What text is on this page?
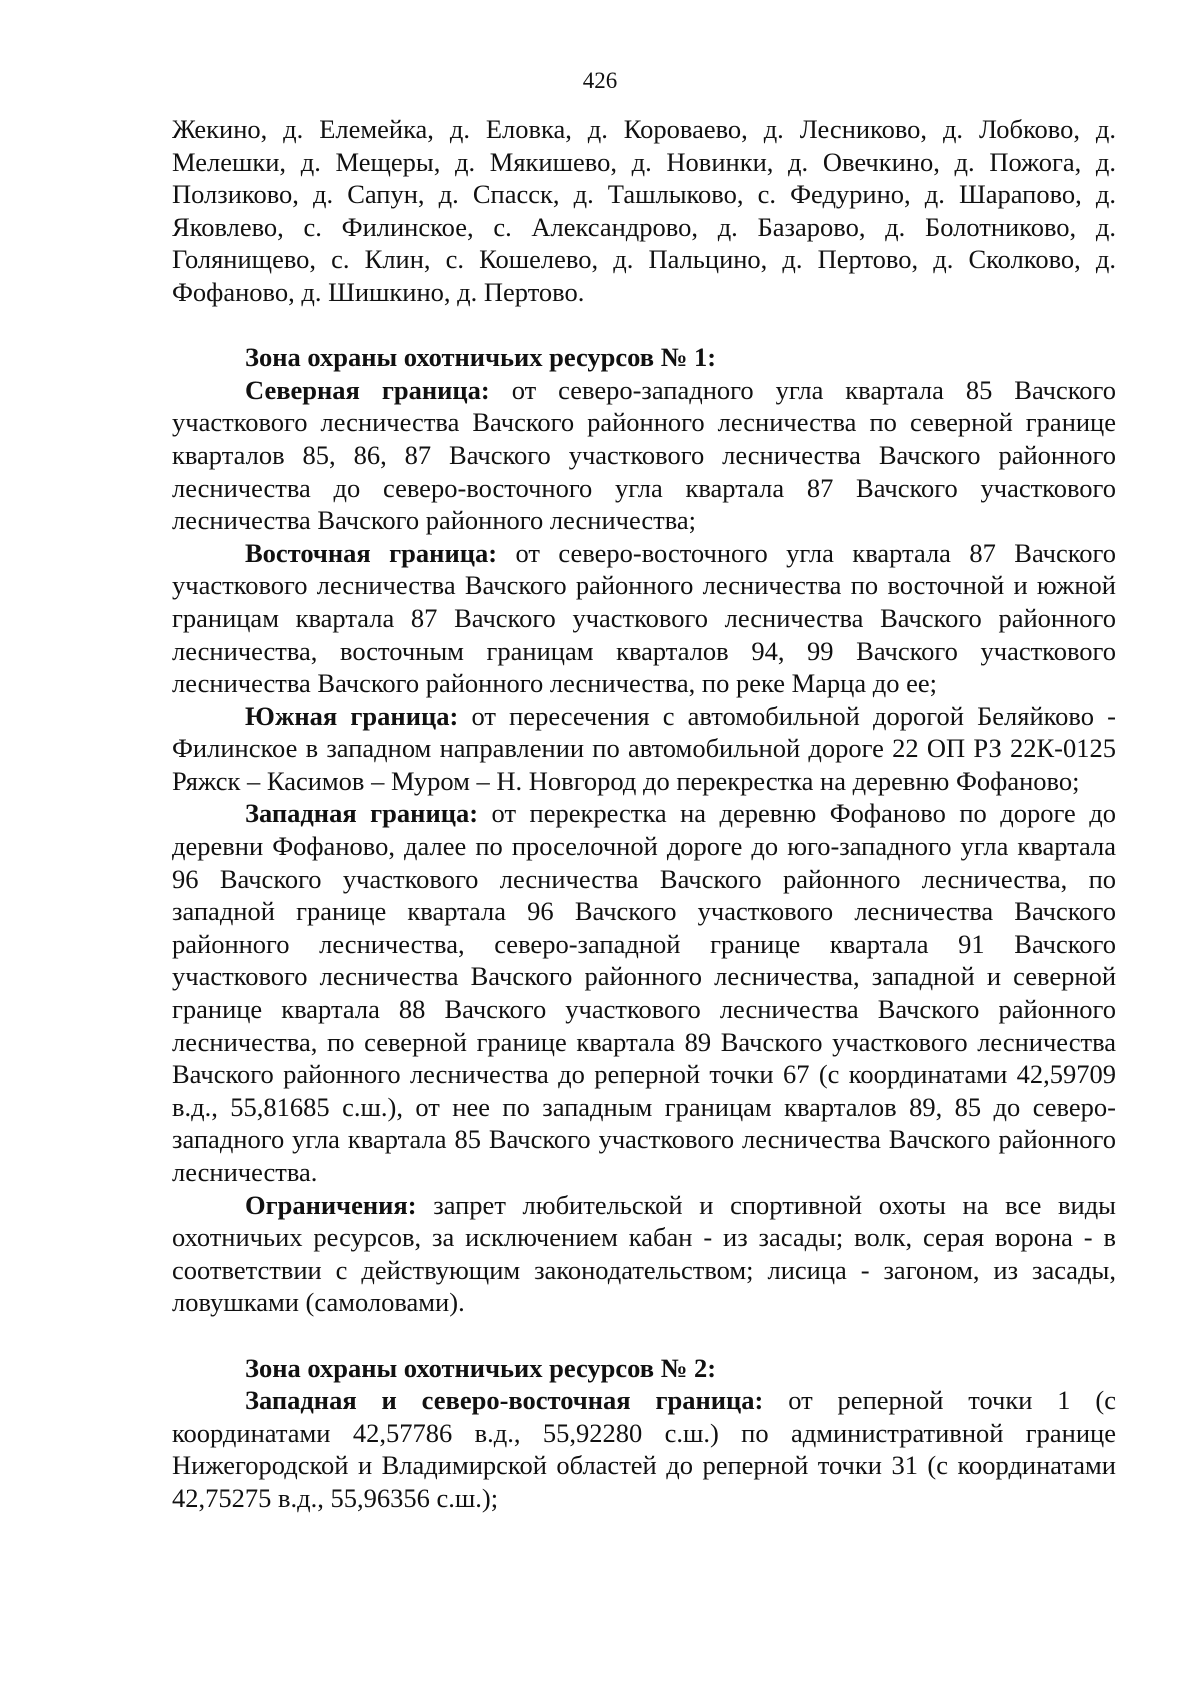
426

Жекино, д. Елемейка, д. Еловка, д. Короваево, д. Лесниково, д. Лобково, д. Мелешки, д. Мещеры, д. Мякишево, д. Новинки, д. Овечкино, д. Пожога, д. Ползиково, д. Сапун, д. Спасск, д. Ташлыково, с. Федурино, д. Шарапово, д. Яковлево, с. Филинское, с. Александрово, д. Базарово, д. Болотниково, д. Голянищево, с. Клин, с. Кошелево, д. Пальцино, д. Пертово, д. Сколково, д. Фофаново, д. Шишкино, д. Пертово.

Зона охраны охотничьих ресурсов № 1:

Северная граница: от северо-западного угла квартала 85 Вачского участкового лесничества Вачского районного лесничества по северной границе кварталов 85, 86, 87 Вачского участкового лесничества Вачского районного лесничества до северо-восточного угла квартала 87 Вачского участкового лесничества Вачского районного лесничества;

Восточная граница: от северо-восточного угла квартала 87 Вачского участкового лесничества Вачского районного лесничества по восточной и южной границам квартала 87 Вачского участкового лесничества Вачского районного лесничества, восточным границам кварталов 94, 99 Вачского участкового лесничества Вачского районного лесничества, по реке Марца до ее;

Южная граница: от пересечения с автомобильной дорогой Беляйково - Филинское в западном направлении по автомобильной дороге 22 ОП РЗ 22К-0125 Ряжск – Касимов – Муром – Н. Новгород до перекрестка на деревню Фофаново;

Западная граница: от перекрестка на деревню Фофаново по дороге до деревни Фофаново, далее по проселочной дороге до юго-западного угла квартала 96 Вачского участкового лесничества Вачского районного лесничества, по западной границе квартала 96 Вачского участкового лесничества Вачского районного лесничества, северо-западной границе квартала 91 Вачского участкового лесничества Вачского районного лесничества, западной и северной границе квартала 88 Вачского участкового лесничества Вачского районного лесничества, по северной границе квартала 89 Вачского участкового лесничества Вачского районного лесничества до реперной точки 67 (с координатами 42,59709 в.д., 55,81685 с.ш.), от нее по западным границам кварталов 89, 85 до северо-западного угла квартала 85 Вачского участкового лесничества Вачского районного лесничества.

Ограничения: запрет любительской и спортивной охоты на все виды охотничьих ресурсов, за исключением кабан - из засады; волк, серая ворона - в соответствии с действующим законодательством; лисица - загоном, из засады, ловушками (самоловами).

Зона охраны охотничьих ресурсов № 2:

Западная и северо-восточная граница: от реперной точки 1 (с координатами 42,57786 в.д., 55,92280 с.ш.) по административной границе Нижегородской и Владимирской областей до реперной точки 31 (с координатами 42,75275 в.д., 55,96356 с.ш.);
